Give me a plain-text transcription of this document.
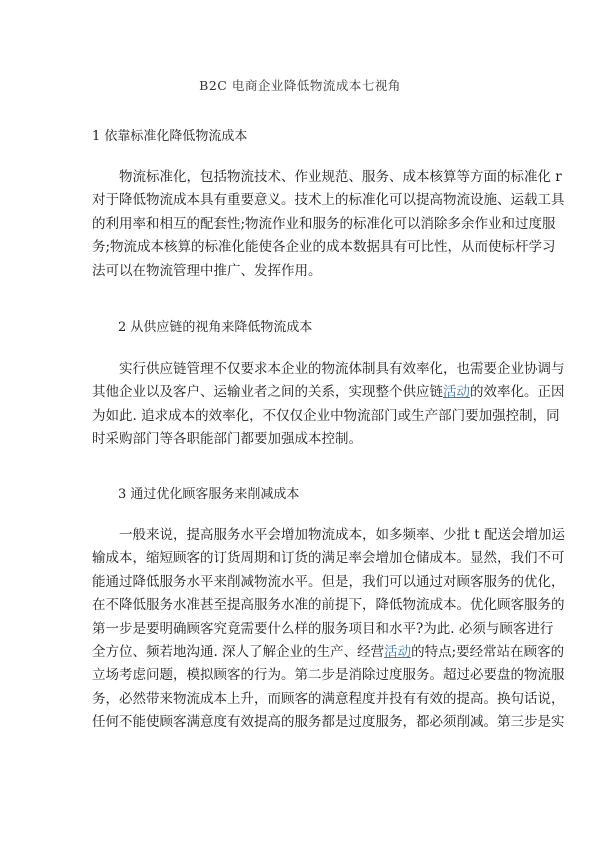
B2C 电商企业降低物流成本七视角
1 依靠标准化降低物流成本
物流标准化，包括物流技术、作业规范、服务、成本核算等方面的标准化 r
对于降低物流成本具有重要意义。技术上的标准化可以提高物流设施、运载工具
的利用率和相互的配套性;物流作业和服务的标准化可以消除多余作业和过度服
务;物流成本核算的标准化能使各企业的成本数据具有可比性，从而使标杆学习
法可以在物流管理中推广、发挥作用。
2 从供应链的视角来降低物流成本
实行供应链管理不仅要求本企业的物流体制具有效率化，也需要企业协调与
其他企业以及客户、运输业者之间的关系，实现整个供应链活动的效率化。正因
为如此. 追求成本的效率化，不仅仅企业中物流部门或生产部门要加强控制，同
时采购部门等各职能部门都要加强成本控制。
3 通过优化顾客服务来削减成本
一般来说，提高服务水平会增加物流成本，如多频率、少批 t 配送会增加运
输成本，缩短顾客的订货周期和订货的满足率会增加仓储成本。显然，我们不可
能通过降低服务水平来削减物流水平。但是，我们可以通过对顾客服务的优化，
在不降低服务水准甚至提高服务水准的前提下，降低物流成本。优化顾客服务的
第一步是要明确顾客究竟需要什么样的服务项目和水平?为此. 必须与顾客进行
全方位、频若地沟通. 深人了解企业的生产、经营活动的特点;要经常站在顾客的
立场考虑问题，模拟顾客的行为。第二步是消除过度服务。超过必要盘的物流服
务，必然带来物流成本上升，而顾客的满意程度并投有有效的提高。换句话说，
任何不能使顾客满意度有效提高的服务都是过度服务，都必须削减。第三步是实
